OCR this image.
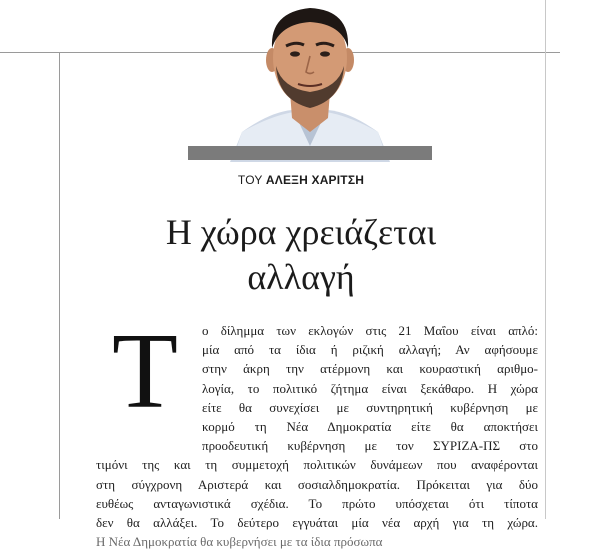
ΤΟΥ ΑΛΕΞΗ ΧΑΡΙΤΣΗ
Η χώρα χρειάζεται
αλλαγή
Τ	ο δίλημμα των εκλογών στις 21 Μαΐου είναι απλό:
μία από τα ίδια ή ριζική αλλαγή; Αν αφήσουμε
στην άκρη την ατέρμονη και κουραστική αριθμο-
λογία, το πολιτικό ζήτημα είναι ξεκάθαρο. Η χώρα
είτε θα συνεχίσει με συντηρητική κυβέρνηση με
κορμό τη Νέα Δημοκρατία είτε θα αποκτήσει
προοδευτική κυβέρνηση με τον ΣΥΡΙΖΑ-ΠΣ στο
τιμόνι της και τη συμμετοχή πολιτικών δυνάμεων που αναφέρονται
στη σύγχρονη Αριστερά και σοσιαλδημοκρατία. Πρόκειται για δύο
ευθέως ανταγωνιστικά σχέδια. Το πρώτο υπόσχεται ότι τίποτα
δεν θα αλλάξει. Το δεύτερο εγγυάται μία νέα αρχή για τη χώρα.
Η Νέα Δημοκρατία θα κυβερνήσει με τα ίδια πρόσωπα
